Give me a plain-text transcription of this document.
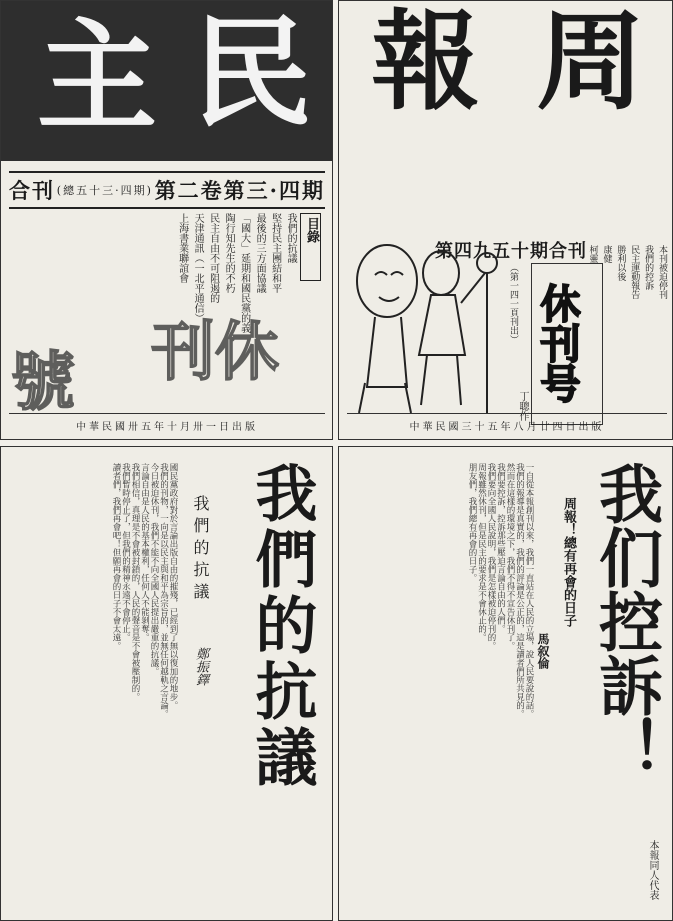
民
主
第二卷第三·四期
(總五十三·四期)
合刊
目錄
我們的抗議
堅持民主團結和平
最後的三方面協議
「國大」延期和國民黨的義
陶行知先生的不朽
民主自由不可阻遏的
天津通訊（一北平通信）
上海書業聯誼會
刊 休
號
中華民國卅五年十月卅一日出版
周
報
第四九五十期合刊	本刊被迫停刊
我們的控訴
民主運動報告
勝利以後
康健
柯靈
（第一四一頁刊出） 休刊号
丁聰作
中華民國三十五年八月廿四日出版
我們的抗議
我們的抗議
鄭振鐸
國民黨政府對於言論出版自由的摧殘，已經到了無以復加的地步。
我們的刊物，一向是以民主與和平為宗旨的，並無任何越軌之言論。
今日被迫休刊，我們不能不向全國人民提出嚴重的抗議。
言論自由是人民的基本權利，任何人不能剝奪。
我們相信，真理是不會被封鎖的，人民的聲音是不會被壓制的。
我們暫時停止了，但我們的精神永遠不會停止。
讀者們，我們再會吧！但願再會的日子不會太遠。	我们控訴！
周報！總有再會的日子
馬叙倫
本報同人代表
一自從本報創刊以來，我們一直站在人民的立場，說人民要說的話。
我們的報導是真實的，我們的評論是公正的，這是讀者們所共見的。
然而在這樣的環境之下，我們不得不宣告休刊了。
我們要控訴，控訴那些壓迫言論自由的人們。
我們要向全國人民說明，我們是怎樣被迫停刊的。
周報雖然休刊，但是民主的要求是不會休止的。
朋友們，我們總有再會的日子。
